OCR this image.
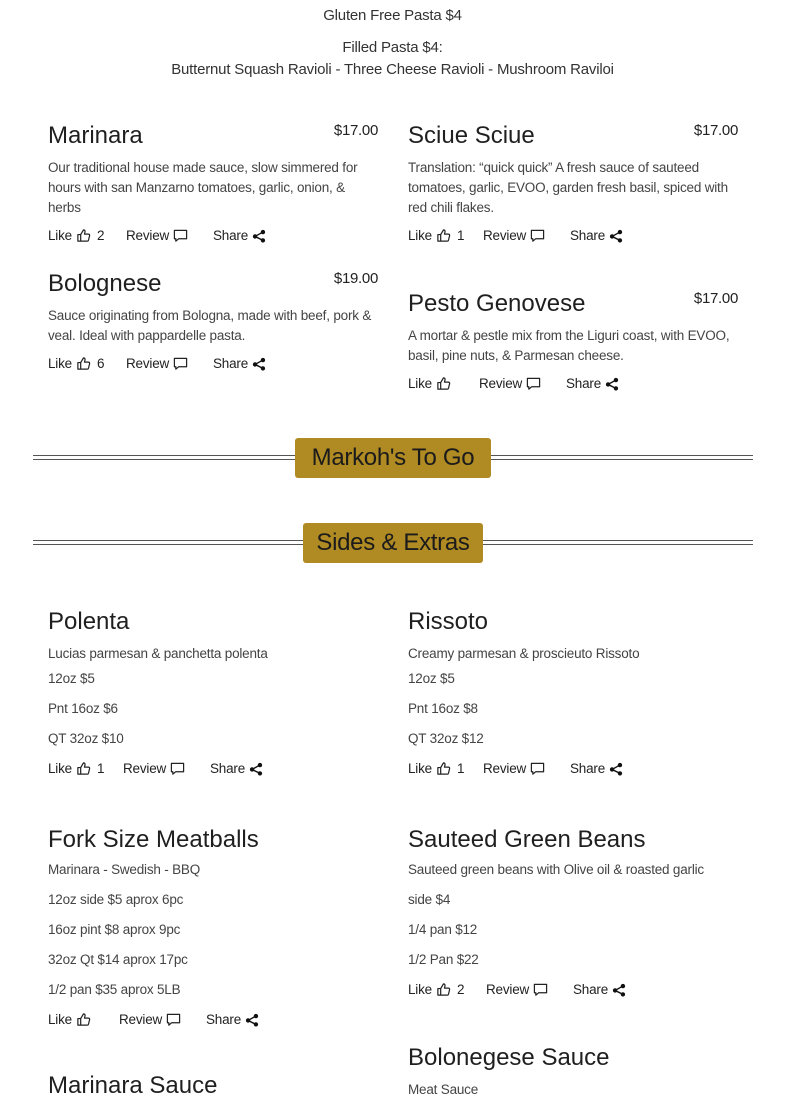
Gluten Free Pasta $4
Filled Pasta $4:
Butternut Squash Ravioli - Three Cheese Ravioli - Mushroom Raviloi
Marinara	$17.00
Our traditional house made sauce, slow simmered for hours with san Manzarno tomatoes, garlic, onion, & herbs
Like 2 Review	Share
Sciue Sciue	$17.00
Translation: “quick quick” A fresh sauce of sauteed tomatoes, garlic, EVOO, garden fresh basil, spiced with red chili flakes.
Like 1 Review	Share
Bolognese	$19.00
Sauce originating from Bologna, made with beef, pork & veal. Ideal with pappardelle pasta.
Like 6 Review	Share
Pesto Genovese	$17.00
A mortar & pestle mix from the Liguri coast, with EVOO, basil, pine nuts, & Parmesan cheese.
Like	Review	Share
Markoh's To Go
Sides & Extras
Polenta
Lucias parmesan & panchetta polenta
12oz $5
Pnt 16oz $6
QT 32oz $10
Like 1 Review	Share
Rissoto
Creamy parmesan & proscieuto Rissoto
12oz $5
Pnt 16oz $8
QT 32oz $12
Like 1 Review	Share
Fork Size Meatballs
Marinara - Swedish - BBQ
12oz side $5 aprox 6pc
16oz pint $8 aprox 9pc
32oz Qt $14 aprox 17pc
1/2 pan $35 aprox 5LB
Like	Review	Share
Sauteed Green Beans
Sauteed green beans with Olive oil & roasted garlic
side $4
1/4 pan $12
1/2 Pan $22
Like 2 Review	Share
Bolonegese Sauce
Meat Sauce
Marinara Sauce
